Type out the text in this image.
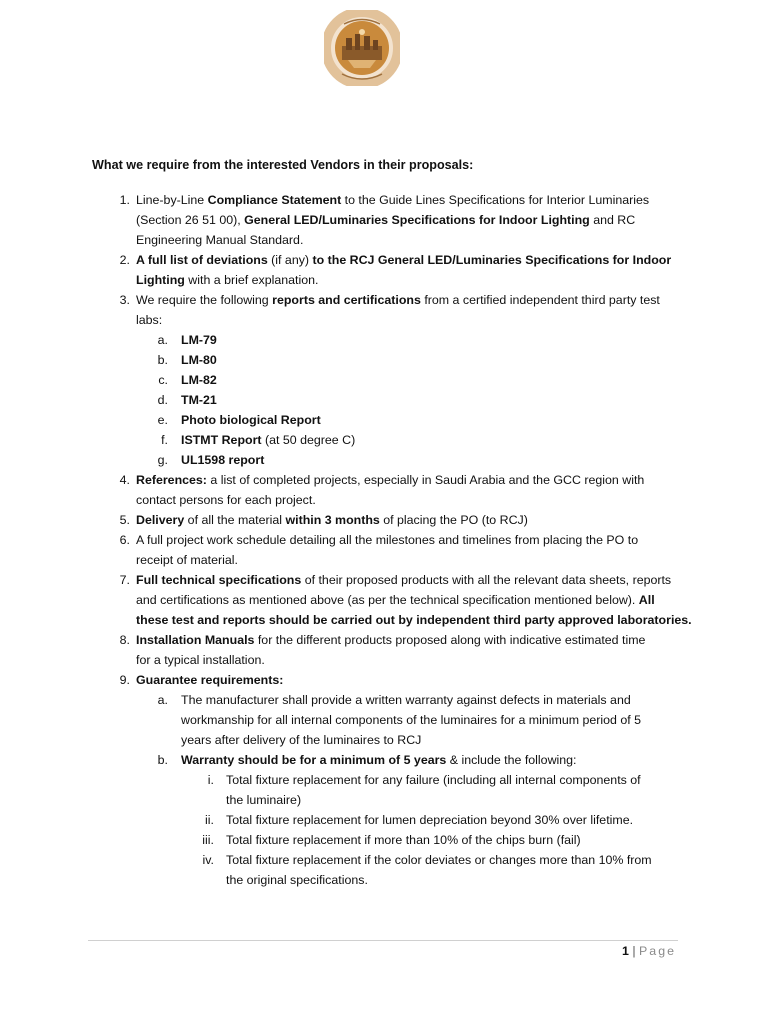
What we require from the interested Vendors in their proposals:
1. Line-by-Line Compliance Statement to the Guide Lines Specifications for Interior Luminaries
(Section 26 51 00), General LED/Luminaries Specifications for Indoor Lighting and RC
Engineering Manual Standard.
2. A full list of deviations (if any) to the RCJ General LED/Luminaries Specifications for Indoor
Lighting with a brief explanation.
3. We require the following reports and certifications from a certified independent third party test
labs:
a. LM-79
b. LM-80
c. LM-82
d. TM-21
e. Photo biological Report
f. ISTMT Report (at 50 degree C)
g. UL1598 report
4. References: a list of completed projects, especially in Saudi Arabia and the GCC region with
contact persons for each project.
5. Delivery of all the material within 3 months of placing the PO (to RCJ)
6. A full project work schedule detailing all the milestones and timelines from placing the PO to
receipt of material.
7. Full technical specifications of their proposed products with all the relevant data sheets, reports
and certifications as mentioned above (as per the technical specification mentioned below). All
these test and reports should be carried out by independent third party approved laboratories.
8. Installation Manuals for the different products proposed along with indicative estimated time
for a typical installation.
9. Guarantee requirements:
a. The manufacturer shall provide a written warranty against defects in materials and
workmanship for all internal components of the luminaires for a minimum period of 5
years after delivery of the luminaires to RCJ
b. Warranty should be for a minimum of 5 years & include the following:
i. Total fixture replacement for any failure (including all internal components of
the luminaire)
ii. Total fixture replacement for lumen depreciation beyond 30% over lifetime.
iii. Total fixture replacement if more than 10% of the chips burn (fail)
iv. Total fixture replacement if the color deviates or changes more than 10% from
the original specifications.
1 | Page
